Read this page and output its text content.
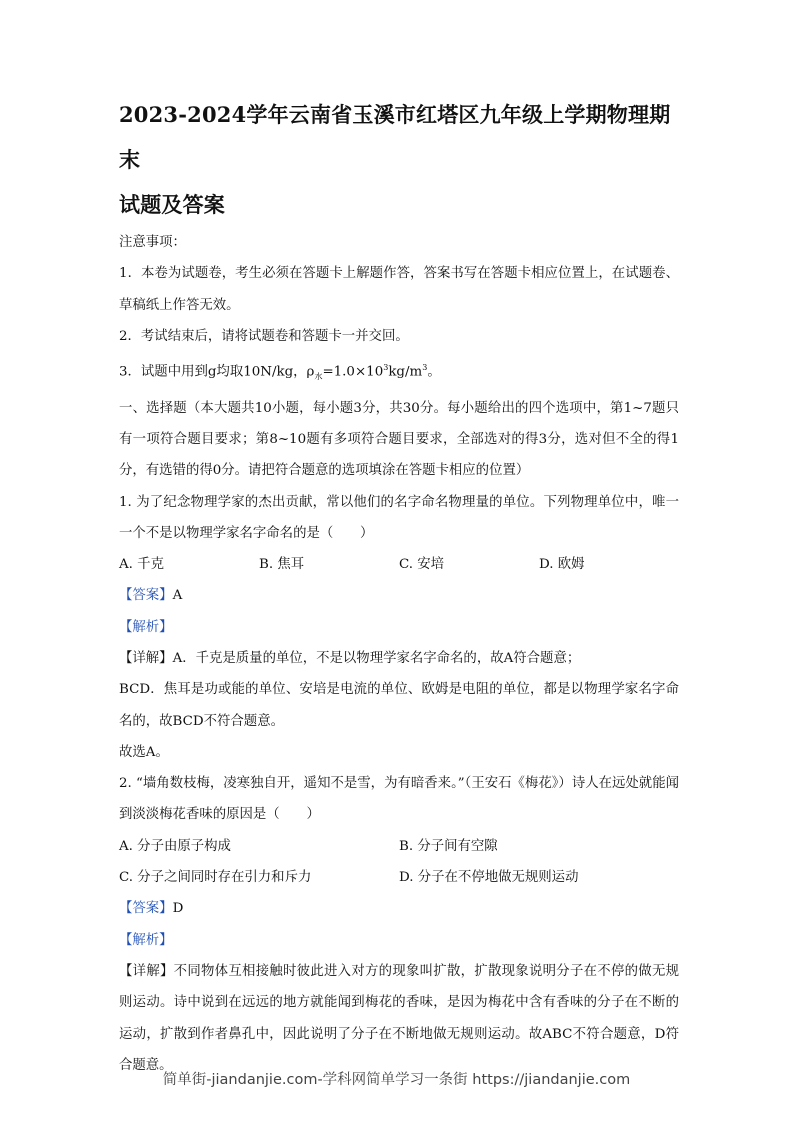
2023-2024学年云南省玉溪市红塔区九年级上学期物理期末
试题及答案

注意事项：

1．本卷为试题卷，考生必须在答题卡上解题作答，答案书写在答题卡相应位置上，在试题卷、草稿纸上作答无效。

2．考试结束后，请将试题卷和答题卡一并交回。

3．试题中用到g均取10N/kg，$\rho_水=1.0\times 10^3kg/m^3$。

一、选择题（本大题共10小题，每小题3分，共30分。每小题给出的四个选项中，第1~7题只有一项符合题目要求；第8~10题有多项符合题目要求，全部选对的得3分，选对但不全的得1分，有选错的得0分。请把符合题意的选项填涂在答题卡相应的位置）

1. 为了纪念物理学家的杰出贡献，常以他们的名字命名物理量的单位。下列物理单位中，唯一一个不是以物理学家名字命名的是（　　）

A. 千克	B. 焦耳	C. 安培	D. 欧姆

【答案】A

【解析】

【详解】A．千克是质量的单位，不是以物理学家名字命名的，故A符合题意；

BCD．焦耳是功或能的单位、安培是电流的单位、欧姆是电阻的单位，都是以物理学家名字命名的，故BCD不符合题意。

故选A。

2. “墙角数枝梅，凌寒独自开，遥知不是雪，为有暗香来。”（王安石《梅花》）诗人在远处就能闻到淡淡梅花香味的原因是（　　）

A. 分子由原子构成	B. 分子间有空隙
C. 分子之间同时存在引力和斥力	D. 分子在不停地做无规则运动

【答案】D

【解析】

【详解】不同物体互相接触时彼此进入对方的现象叫扩散，扩散现象说明分子在不停的做无规则运动。诗中说到在远远的地方就能闻到梅花的香味，是因为梅花中含有香味的分子在不断的运动，扩散到作者鼻孔中，因此说明了分子在不断地做无规则运动。故ABC不符合题意，D符合题意。

简单街-jiandanjie.com-学科网简单学习一条街 https://jiandanjie.com
